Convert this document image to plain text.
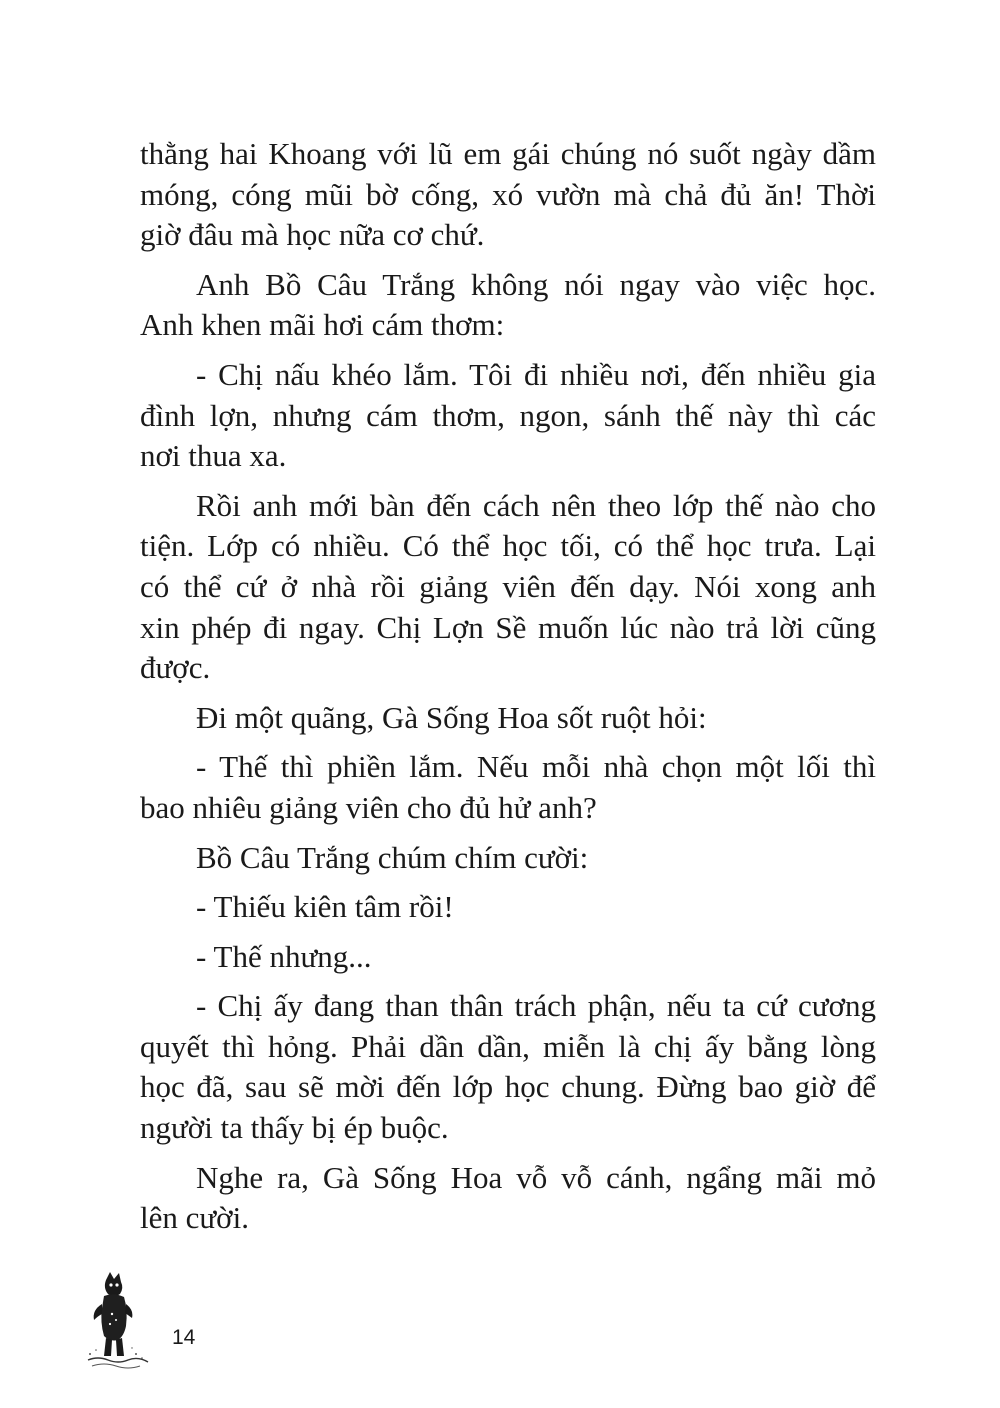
thằng hai Khoang với lũ em gái chúng nó suốt ngày dầm
móng, cóng mũi bờ cống, xó vườn mà chả đủ ăn! Thời
giờ đâu mà học nữa cơ chứ.

Anh Bồ Câu Trắng không nói ngay vào việc học.
Anh khen mãi hơi cám thơm:

- Chị nấu khéo lắm. Tôi đi nhiều nơi, đến nhiều gia
đình lợn, nhưng cám thơm, ngon, sánh thế này thì các
nơi thua xa.

Rồi anh mới bàn đến cách nên theo lớp thế nào cho
tiện. Lớp có nhiều. Có thể học tối, có thể học trưa. Lại
có thể cứ ở nhà rồi giảng viên đến dạy. Nói xong anh
xin phép đi ngay. Chị Lợn Sề muốn lúc nào trả lời cũng
được.

Đi một quãng, Gà Sống Hoa sốt ruột hỏi:

- Thế thì phiền lắm. Nếu mỗi nhà chọn một lối thì
bao nhiêu giảng viên cho đủ hử anh?

Bồ Câu Trắng chúm chím cười:

- Thiếu kiên tâm rồi!

- Thế nhưng...

- Chị ấy đang than thân trách phận, nếu ta cứ cương
quyết thì hỏng. Phải dần dần, miễn là chị ấy bằng lòng
học đã, sau sẽ mời đến lớp học chung. Đừng bao giờ để
người ta thấy bị ép buộc.

Nghe ra, Gà Sống Hoa vỗ vỗ cánh, ngẩng mãi mỏ
lên cười.

14
